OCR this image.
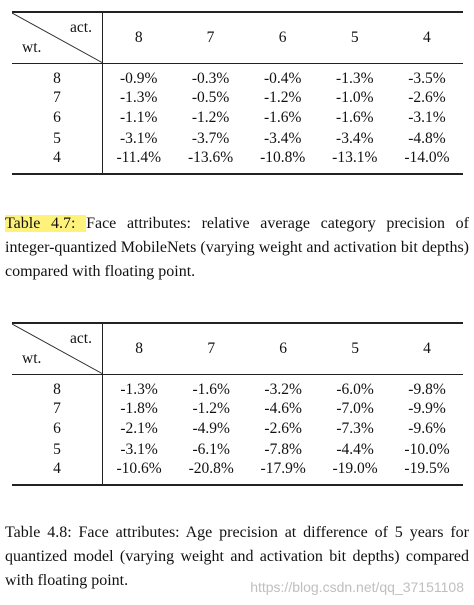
act.
wt.	8	7	6	5	4
8	-0.9%	-0.3%	-0.4%	-1.3%	-3.5%
7	-1.3%	-0.5%	-1.2%	-1.0%	-2.6%
6	-1.1%	-1.2%	-1.6%	-1.6%	-3.1%
5	-3.1%	-3.7%	-3.4%	-3.4%	-4.8%
4	-11.4%	-13.6%	-10.8%	-13.1%	-14.0%
Table 4.7: Face attributes: relative average category precision of integer-quantized MobileNets (varying weight and activation bit depths) compared with floating point.
act.
wt.	8	7	6	5	4
8	-1.3%	-1.6%	-3.2%	-6.0%	-9.8%
7	-1.8%	-1.2%	-4.6%	-7.0%	-9.9%
6	-2.1%	-4.9%	-2.6%	-7.3%	-9.6%
5	-3.1%	-6.1%	-7.8%	-4.4%	-10.0%
4	-10.6%	-20.8%	-17.9%	-19.0%	-19.5%
Table 4.8: Face attributes: Age precision at difference of 5 years for quantized model (varying weight and activation bit depths) compared with floating point.	https://blog.csdn.net/qq_37151108
